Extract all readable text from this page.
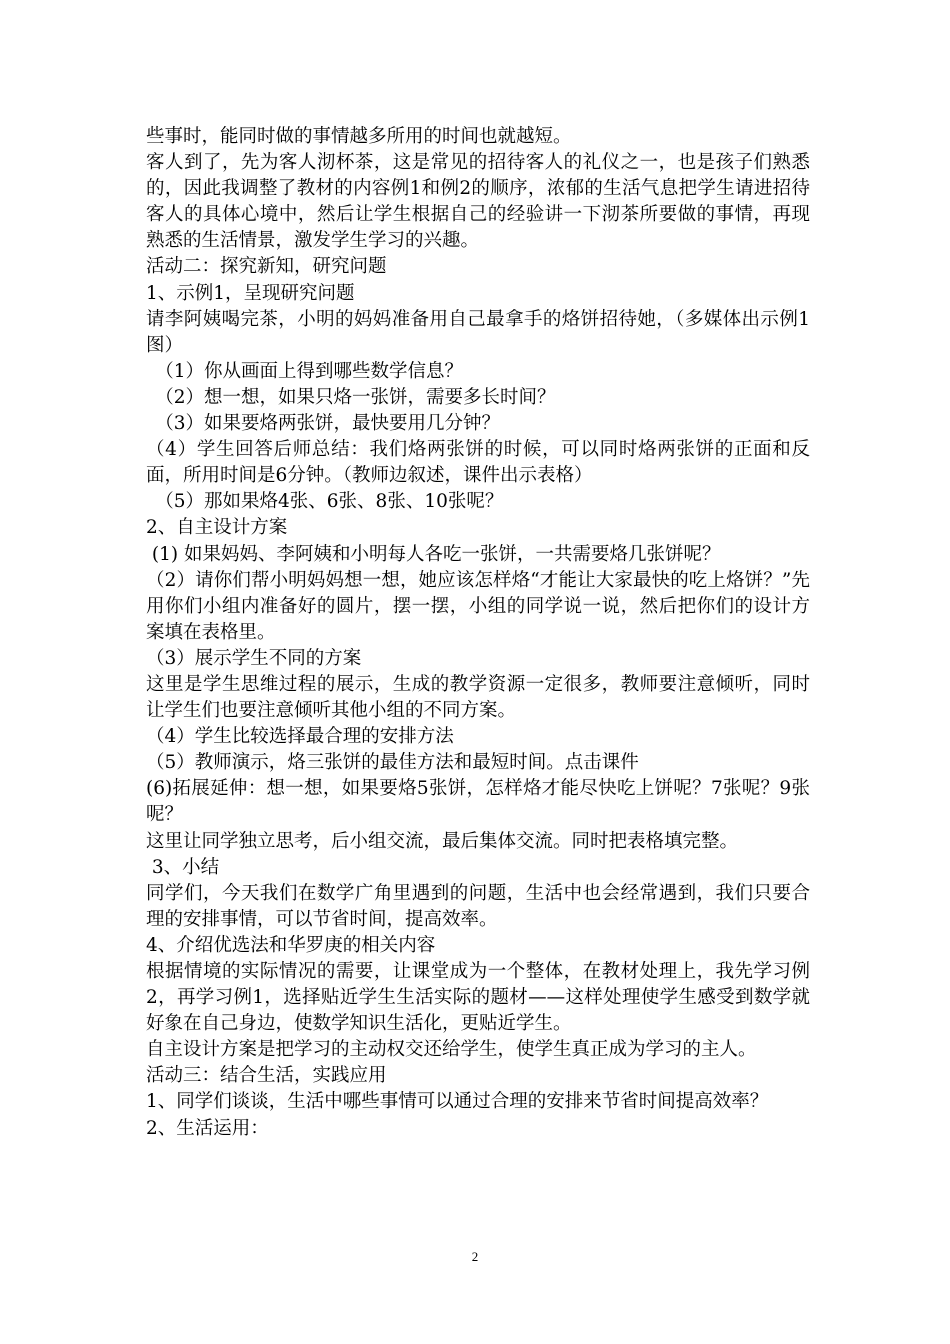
些事时，能同时做的事情越多所用的时间也就越短。

客人到了，先为客人沏杯茶，这是常见的招待客人的礼仪之一，也是孩子们熟悉的，因此我调整了教材的内容例1和例2的顺序，浓郁的生活气息把学生请进招待客人的具体心境中，然后让学生根据自己的经验讲一下沏茶所要做的事情，再现熟悉的生活情景，激发学生学习的兴趣。

活动二：探究新知，研究问题

1、示例1，呈现研究问题

请李阿姨喝完茶，小明的妈妈准备用自己最拿手的烙饼招待她，（多媒体出示例1图）

　（1）你从画面上得到哪些数学信息？

　（2）想一想，如果只烙一张饼，需要多长时间？

　（3）如果要烙两张饼，最快要用几分钟？

（4）学生回答后师总结：我们烙两张饼的时候，可以同时烙两张饼的正面和反面，所用时间是6分钟。（教师边叙述，课件出示表格）

　（5）那如果烙4张、6张、8张、10张呢？

2、自主设计方案

(1) 如果妈妈、李阿姨和小明每人各吃一张饼，一共需要烙几张饼呢？

（2）请你们帮小明妈妈想一想，她应该怎样烙“才能让大家最快的吃上烙饼？”先用你们小组内准备好的圆片，摆一摆，小组的同学说一说，然后把你们的设计方案填在表格里。

（3）展示学生不同的方案

这里是学生思维过程的展示，生成的教学资源一定很多，教师要注意倾听，同时让学生们也要注意倾听其他小组的不同方案。

（4）学生比较选择最合理的安排方法

（5）教师演示，烙三张饼的最佳方法和最短时间。点击课件

(6)拓展延伸：想一想，如果要烙5张饼，怎样烙才能尽快吃上饼呢？7张呢？9张呢？

这里让同学独立思考，后小组交流，最后集体交流。同时把表格填完整。

3、小结

同学们，今天我们在数学广角里遇到的问题，生活中也会经常遇到，我们只要合理的安排事情，可以节省时间，提高效率。

4、介绍优选法和华罗庚的相关内容

根据情境的实际情况的需要，让课堂成为一个整体，在教材处理上，我先学习例2，再学习例1，选择贴近学生生活实际的题材——这样处理使学生感受到数学就好象在自己身边，使数学知识生活化，更贴近学生。

自主设计方案是把学习的主动权交还给学生，使学生真正成为学习的主人。

活动三：结合生活，实践应用

1、同学们谈谈，生活中哪些事情可以通过合理的安排来节省时间提高效率？

2、生活运用：

2
